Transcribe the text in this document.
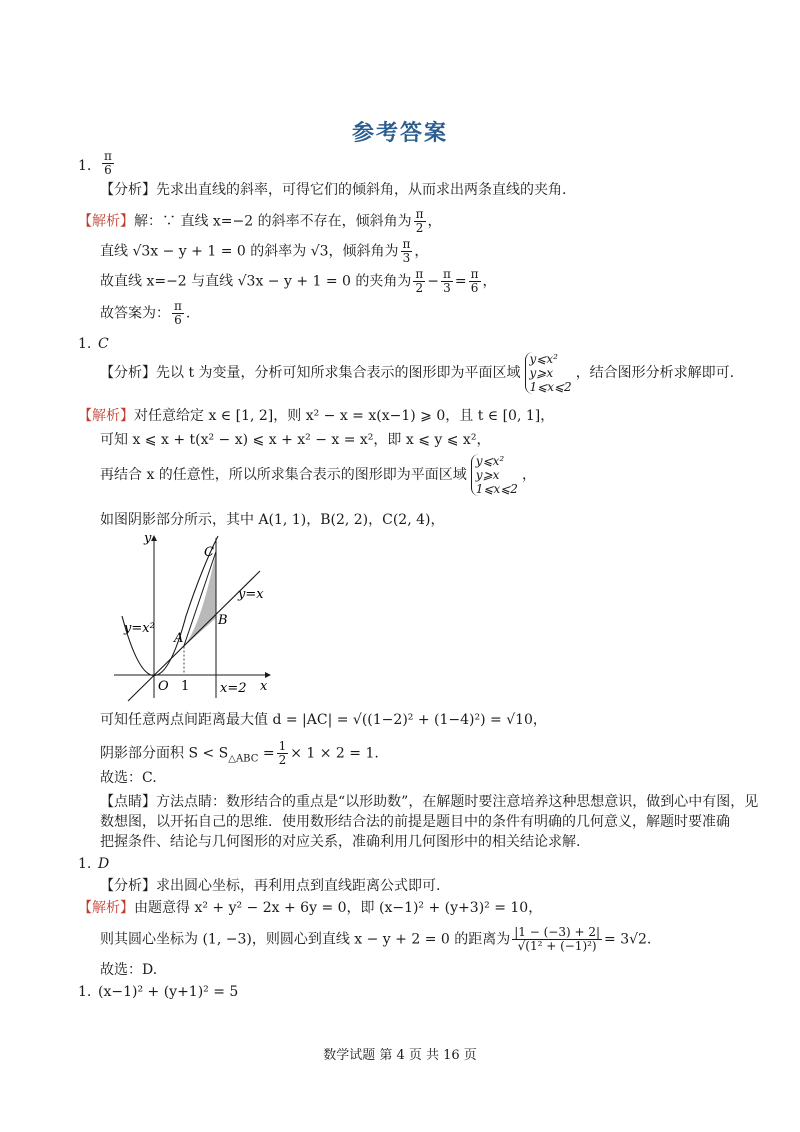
参考答案
1. $\frac{\pi}{6}$
【分析】先求出直线的斜率，可得它们的倾斜角，从而求出两条直线的夹角.
【解析】解：∵ 直线 x=−2 的斜率不存在，倾斜角为 $\frac{\pi}{2}$ ，
直线 √3x − y + 1 = 0 的斜率为 √3，倾斜角为 $\frac{\pi}{3}$ ，
故直线 x=−2 与直线 √3x − y + 1 = 0 的夹角为 $\frac{\pi}{2} - \frac{\pi}{3} = \frac{\pi}{6}$ ，
故答案为： $\frac{\pi}{6}$ .
1. C
【分析】先以 t 为变量，分析可知所求集合表示的图形即为平面区域
y⩽x²
y⩾x
1⩽x⩽2
，结合图形分析求解即可.
【解析】对任意给定 x ∈ [1, 2]，则 x² − x = x(x−1) ⩾ 0，且 t ∈ [0, 1]，
可知 x ⩽ x + t(x² − x) ⩽ x + x² − x = x²，即 x ⩽ y ⩽ x²，
再结合 x 的任意性，所以所求集合表示的图形即为平面区域
y⩽x²
y⩾x
1⩽x⩽2
，
如图阴影部分所示，其中 A(1, 1)，B(2, 2)，C(2, 4)，
y
x
O 1
A
B
C
y=x²
y=x
x=2
可知任意两点间距离最大值 d = |AC| = √((1−2)² + (1−4)²) = √10，
阴影部分面积 $S < S_{\triangle ABC} = \frac{1}{2} \times 1 \times 2 = 1$.
故选：C.
【点睛】方法点睛：数形结合的重点是“以形助数”，在解题时要注意培养这种思想意识，做到心中有图，见
数想图，以开拓自己的思维．使用数形结合法的前提是题目中的条件有明确的几何意义，解题时要准确
把握条件、结论与几何图形的对应关系，准确利用几何图形中的相关结论求解.
1. D
【分析】求出圆心坐标，再利用点到直线距离公式即可.
【解析】由题意得 x² + y² − 2x + 6y = 0，即 (x−1)² + (y+3)² = 10，
则其圆心坐标为 (1, −3)，则圆心到直线 x − y + 2 = 0 的距离为 $\frac{|1 - (-3) + 2|}{\text{√(1² + (−1)²)}} = 3√2$.
故选：D.
1. (x−1)² + (y+1)² = 5
数学试题 第 4 页 共 16 页
